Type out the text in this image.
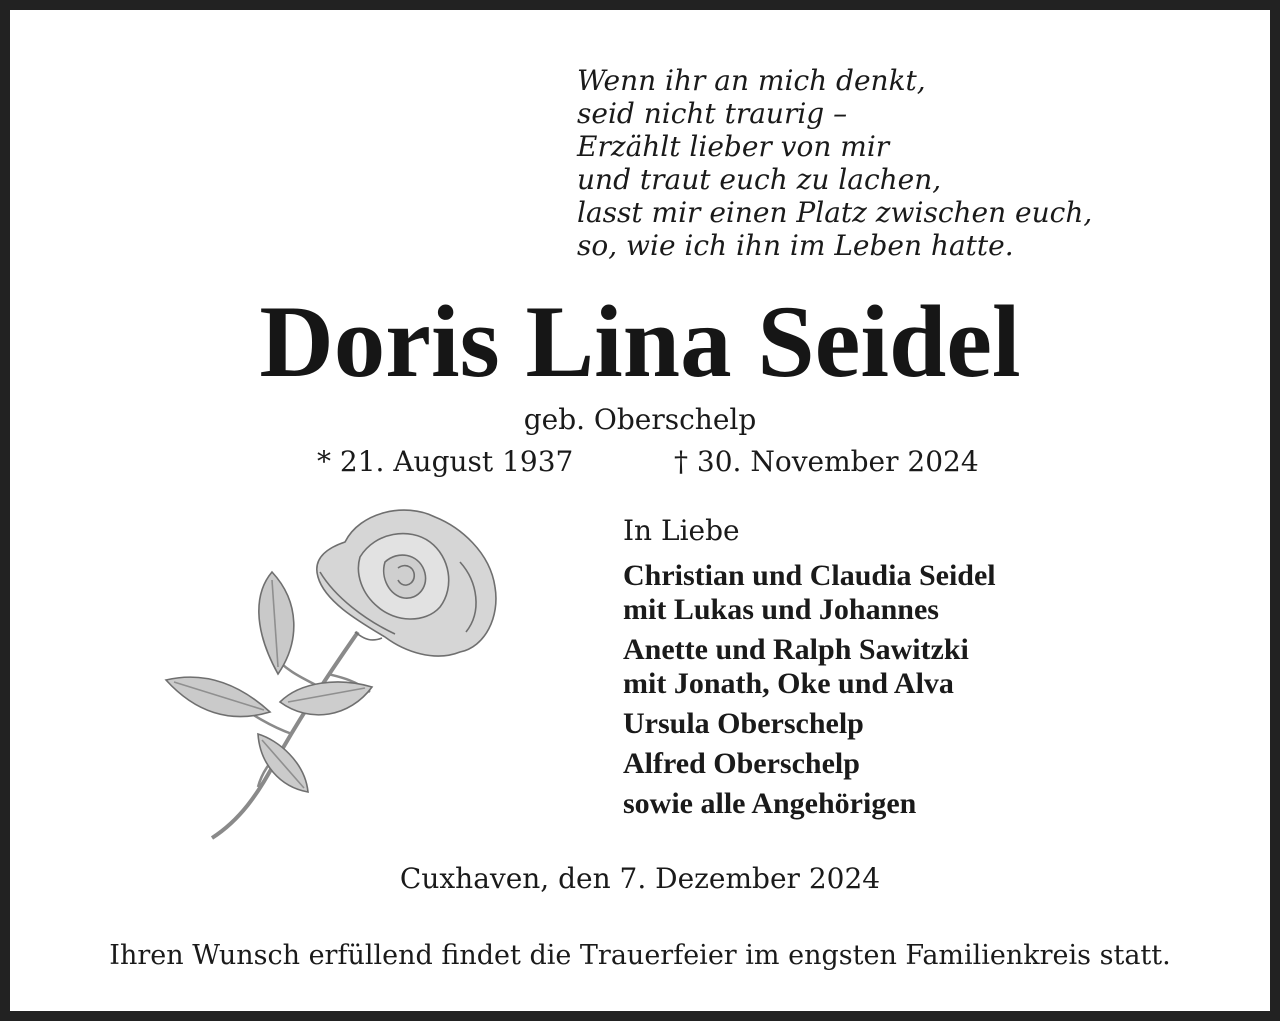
Wenn ihr an mich denkt,
seid nicht traurig –
Erzählt lieber von mir
und traut euch zu lachen,
lasst mir einen Platz zwischen euch,
so, wie ich ihn im Leben hatte.
Doris Lina Seidel
geb. Oberschelp
* 21. August 1937	† 30. November 2024
In Liebe
Christian und Claudia Seidel
mit Lukas und Johannes
Anette und Ralph Sawitzki
mit Jonath, Oke und Alva
Ursula Oberschelp
Alfred Oberschelp
sowie alle Angehörigen
Cuxhaven, den 7. Dezember 2024
Ihren Wunsch erfüllend findet die Trauerfeier im engsten Familienkreis statt.
